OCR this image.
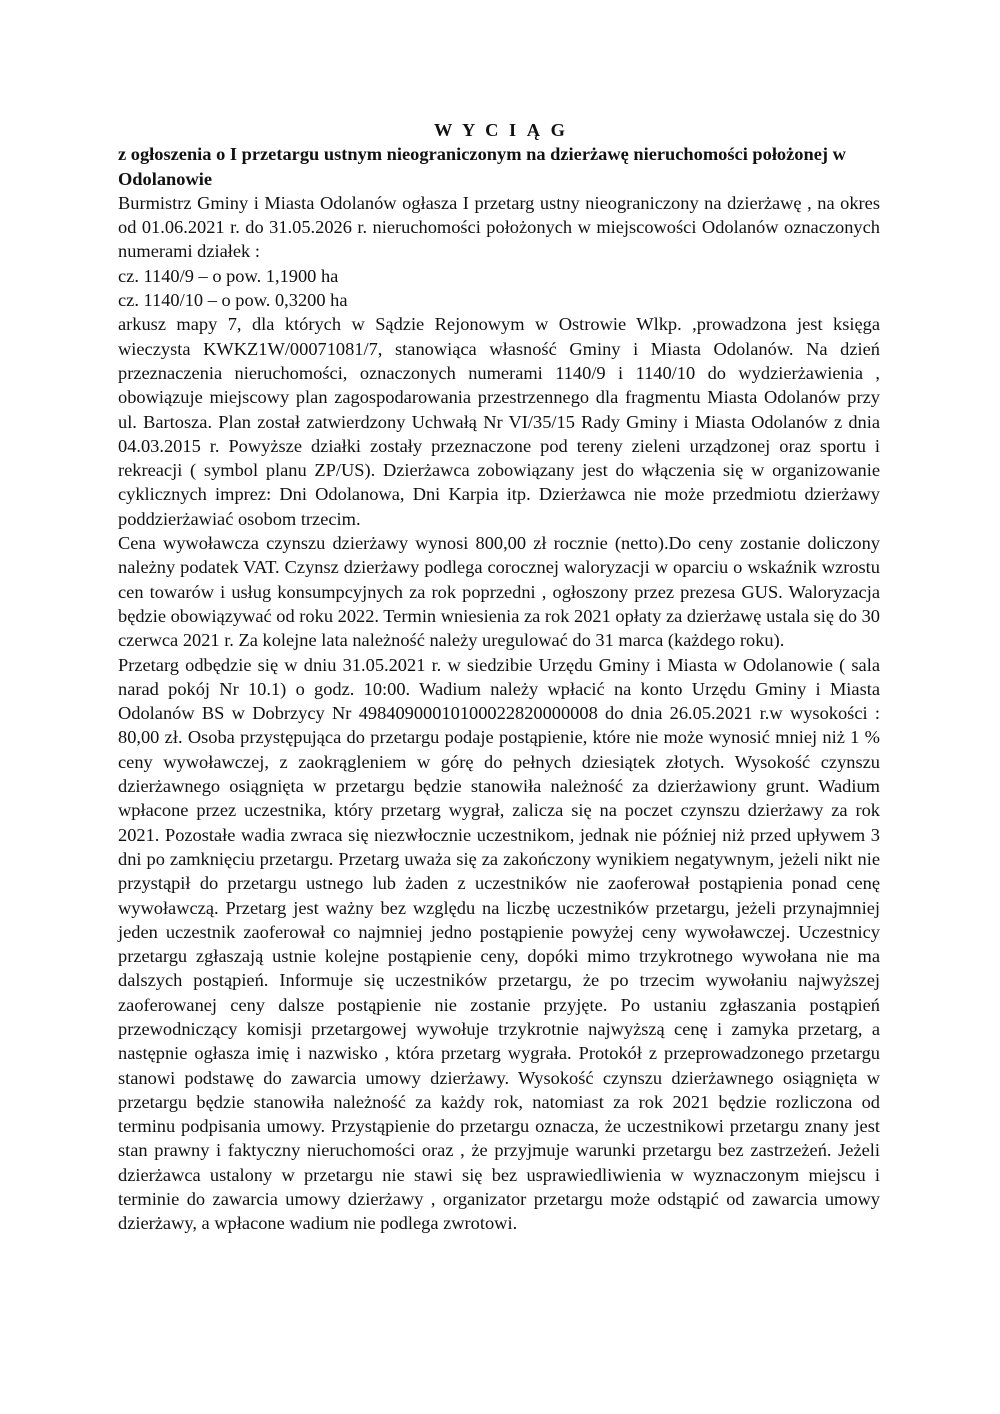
W Y C I Ą G

z ogłoszenia o I przetargu ustnym nieograniczonym na dzierżawę nieruchomości położonej w Odolanowie

Burmistrz Gminy i Miasta Odolanów ogłasza I przetarg ustny nieograniczony na dzierżawę , na okres od 01.06.2021 r. do 31.05.2026 r. nieruchomości położonych w miejscowości Odolanów oznaczonych numerami działek :

cz. 1140/9 – o pow. 1,1900 ha

cz. 1140/10 – o pow. 0,3200 ha

arkusz mapy 7, dla których w Sądzie Rejonowym w Ostrowie Wlkp. ,prowadzona jest księga wieczysta KWKZ1W/00071081/7, stanowiąca własność Gminy i Miasta Odolanów. Na dzień przeznaczenia nieruchomości, oznaczonych numerami 1140/9 i 1140/10 do wydzierżawienia , obowiązuje miejscowy plan zagospodarowania przestrzennego dla fragmentu Miasta Odolanów przy ul. Bartosza. Plan został zatwierdzony Uchwałą Nr VI/35/15 Rady Gminy i Miasta Odolanów z dnia 04.03.2015 r. Powyższe działki zostały przeznaczone pod tereny zieleni urządzonej oraz sportu i rekreacji ( symbol planu ZP/US). Dzierżawca zobowiązany jest do włączenia się w organizowanie cyklicznych imprez: Dni Odolanowa, Dni Karpia itp. Dzierżawca nie może przedmiotu dzierżawy poddzierżawiać osobom trzecim.

Cena wywoławcza czynszu dzierżawy wynosi 800,00 zł rocznie (netto).Do ceny zostanie doliczony należny podatek VAT. Czynsz dzierżawy podlega corocznej waloryzacji w oparciu o wskaźnik wzrostu cen towarów i usług konsumpcyjnych za rok poprzedni , ogłoszony przez prezesa GUS. Waloryzacja będzie obowiązywać od roku 2022. Termin wniesienia za rok 2021 opłaty za dzierżawę ustala się do 30 czerwca 2021 r. Za kolejne lata należność należy uregulować do 31 marca (każdego roku).

Przetarg odbędzie się w dniu 31.05.2021 r. w siedzibie Urzędu Gminy i Miasta w Odolanowie ( sala narad pokój Nr 10.1) o godz. 10:00. Wadium należy wpłacić na konto Urzędu Gminy i Miasta Odolanów BS w Dobrzycy Nr 49840900010100022820000008 do dnia 26.05.2021 r.w wysokości : 80,00 zł. Osoba przystępująca do przetargu podaje postąpienie, które nie może wynosić mniej niż 1 % ceny wywoławczej, z zaokrągleniem w górę do pełnych dziesiątek złotych. Wysokość czynszu dzierżawnego osiągnięta w przetargu będzie stanowiła należność za dzierżawiony grunt. Wadium wpłacone przez uczestnika, który przetarg wygrał, zalicza się na poczet czynszu dzierżawy za rok 2021. Pozostałe wadia zwraca się niezwłocznie uczestnikom, jednak nie później niż przed upływem 3 dni po zamknięciu przetargu. Przetarg uważa się za zakończony wynikiem negatywnym, jeżeli nikt nie przystąpił do przetargu ustnego lub żaden z uczestników nie zaoferował postąpienia ponad cenę wywoławczą. Przetarg jest ważny bez względu na liczbę uczestników przetargu, jeżeli przynajmniej jeden uczestnik zaoferował co najmniej jedno postąpienie powyżej ceny wywoławczej. Uczestnicy przetargu zgłaszają ustnie kolejne postąpienie ceny, dopóki mimo trzykrotnego wywołana nie ma dalszych postąpień. Informuje się uczestników przetargu, że po trzecim wywołaniu najwyższej zaoferowanej ceny dalsze postąpienie nie zostanie przyjęte. Po ustaniu zgłaszania postąpień przewodniczący komisji przetargowej wywołuje trzykrotnie najwyższą cenę i zamyka przetarg, a następnie ogłasza imię i nazwisko , która przetarg wygrała. Protokół z przeprowadzonego przetargu stanowi podstawę do zawarcia umowy dzierżawy. Wysokość czynszu dzierżawnego osiągnięta w przetargu będzie stanowiła należność za każdy rok, natomiast za rok 2021 będzie rozliczona od terminu podpisania umowy. Przystąpienie do przetargu oznacza, że uczestnikowi przetargu znany jest stan prawny i faktyczny nieruchomości oraz , że przyjmuje warunki przetargu bez zastrzeżeń. Jeżeli dzierżawca ustalony w przetargu nie stawi się bez usprawiedliwienia w wyznaczonym miejscu i terminie do zawarcia umowy dzierżawy , organizator przetargu może odstąpić od zawarcia umowy dzierżawy, a wpłacone wadium nie podlega zwrotowi.
